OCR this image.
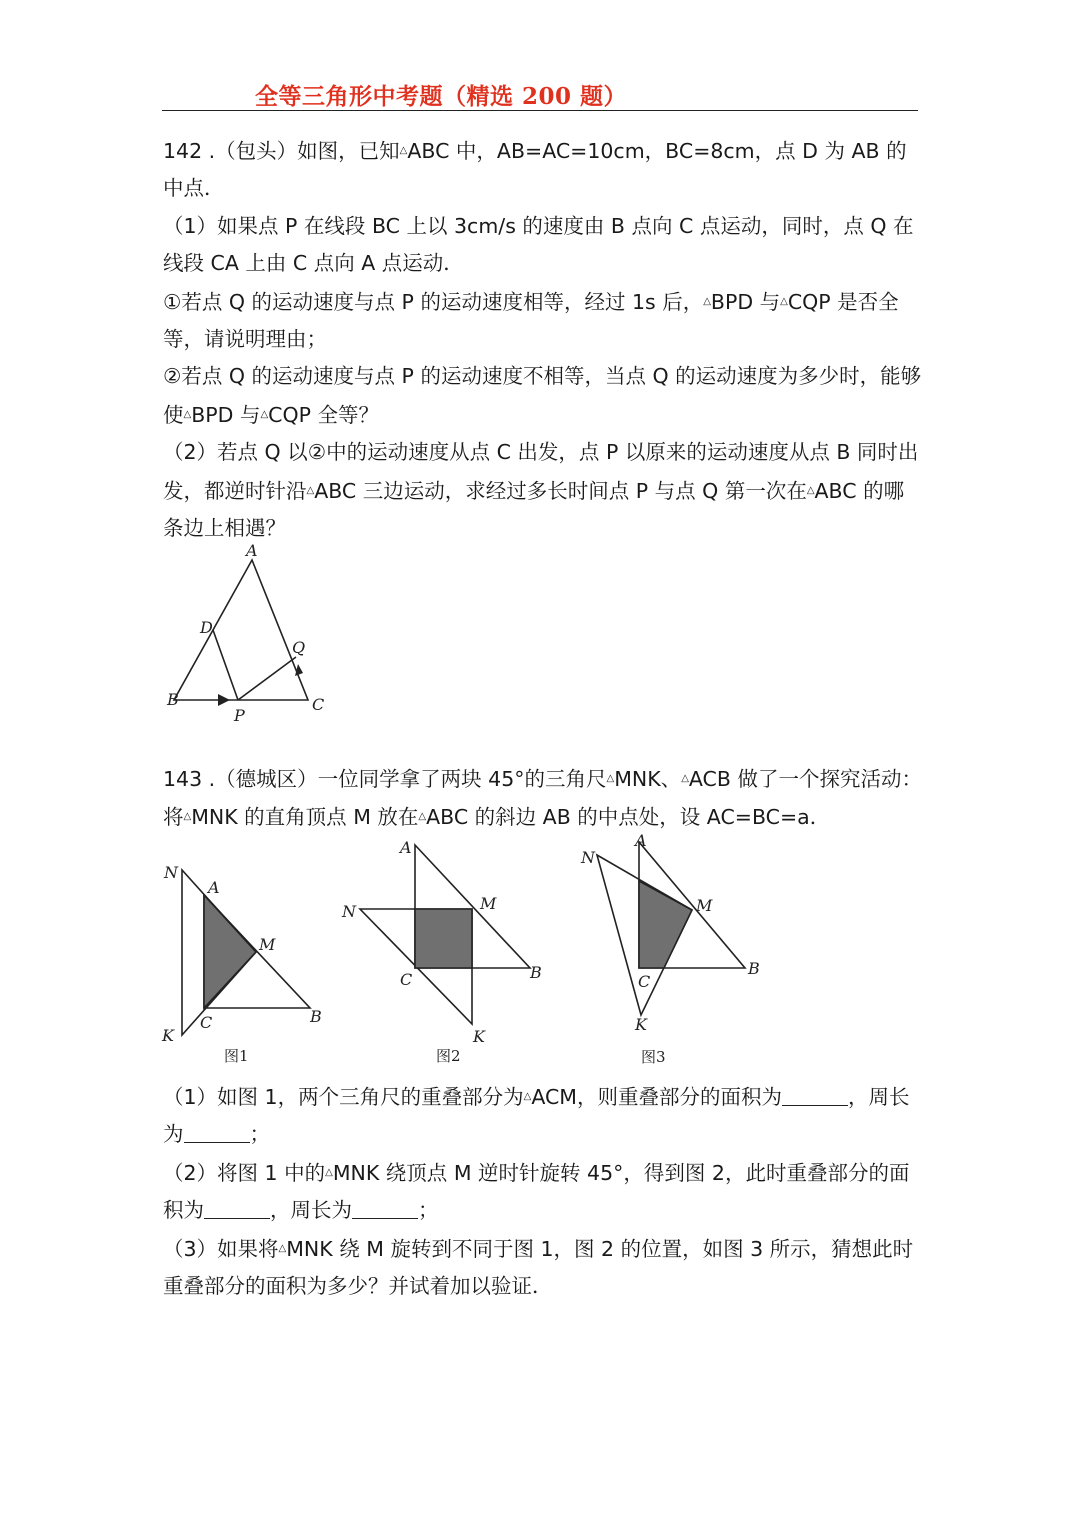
全等三角形中考题（精选 200 题）
142 .（包头）如图，已知△ABC 中，AB=AC=10cm，BC=8cm，点 D 为 AB 的中点．
（1）如果点 P 在线段 BC 上以 3cm/s 的速度由 B 点向 C 点运动，同时，点 Q 在线段 CA 上由 C 点向 A 点运动．
①若点 Q 的运动速度与点 P 的运动速度相等，经过 1s 后，△BPD 与△CQP 是否全等，请说明理由；
②若点 Q 的运动速度与点 P 的运动速度不相等，当点 Q 的运动速度为多少时，能够使△BPD 与△CQP 全等？
（2）若点 Q 以②中的运动速度从点 C 出发，点 P 以原来的运动速度从点 B 同时出发，都逆时针沿△ABC 三边运动，求经过多长时间点 P 与点 Q 第一次在△ABC 的哪条边上相遇？
A
D
Q
B
P
C
143 .（德城区）一位同学拿了两块 45°的三角尺△MNK、△ACB 做了一个探究活动：将△MNK 的直角顶点 M 放在△ABC 的斜边 AB 的中点处，设 AC=BC=a．
N
A
M
K
C	B
图1
A
N	M
C	B
K
图2
N
A
M
C
B
K
图3
（1）如图 1，两个三角尺的重叠部分为△ACM，则重叠部分的面积为	，周长为	；
（2）将图 1 中的△MNK 绕顶点 M 逆时针旋转 45°，得到图 2，此时重叠部分的面积为	，周长为	；
（3）如果将△MNK 绕 M 旋转到不同于图 1，图 2 的位置，如图 3 所示，猜想此时重叠部分的面积为多少？并试着加以验证．
